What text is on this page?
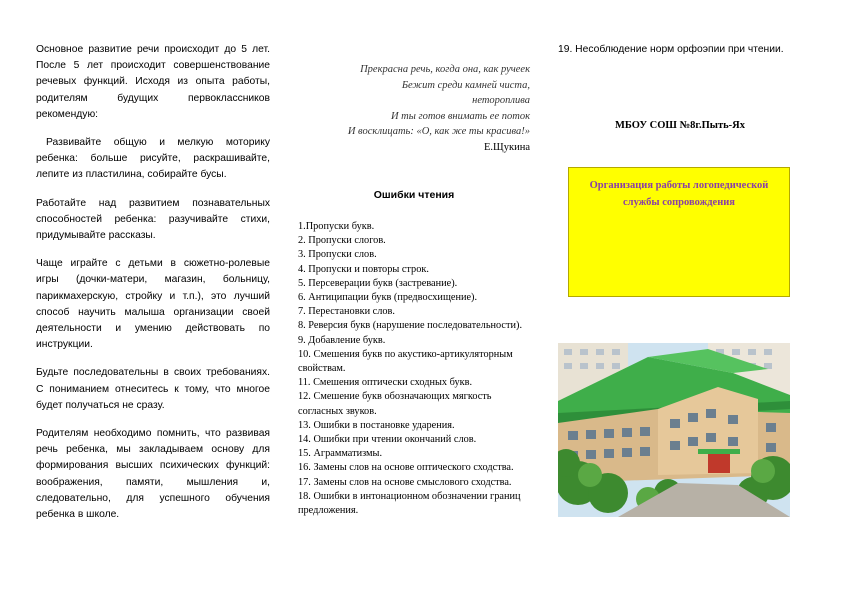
Основное развитие речи происходит до 5 лет. После 5 лет происходит совершенствование речевых функций. Исходя из опыта работы, родителям будущих первоклассников рекомендую:

Развивайте общую и мелкую моторику ребенка: больше рисуйте, раскрашивайте, лепите из пластилина, собирайте бусы.

Работайте над развитием познавательных способностей ребенка: разучивайте стихи, придумывайте рассказы.

Чаще играйте с детьми в сюжетно-ролевые игры (дочки-матери, магазин, больницу, парикмахерскую, стройку и т.п.), это лучший способ научить малыша организации своей деятельности и умению действовать по инструкции.

Будьте последовательны в своих требованиях. С пониманием отнеситесь к тому, что многое будет получаться не сразу.

Родителям необходимо помнить, что развивая речь ребенка, мы закладываем основу для формирования высших психических функций: воображения, памяти, мышления и, следовательно, для успешного обучения ребенка в школе.

Прекрасна речь, когда она, как ручеек
Бежит среди камней чиста,
нетороплива
И ты готов внимать ее поток
И восклицать: «О, как же ты красива!»
Е.Щукина
Ошибки чтения
1.Пропуски букв.
2. Пропуски слогов.
3. Пропуски слов.
4. Пропуски и повторы строк.
5. Персеверации букв (застревание).
6. Антиципации букв (предвосхищение).
7. Перестановки слов.
8. Реверсия букв (нарушение последовательности).
9. Добавление букв.
10. Смешения букв по акустико-артикуляторным свойствам.
11. Смешения оптически сходных букв.
12. Смешение букв обозначающих мягкость согласных звуков.
13. Ошибки в постановке ударения.
14. Ошибки при чтении окончаний слов.
15. Аграмматизмы.
16. Замены слов на основе оптического сходства.
17. Замены слов на основе смыслового сходства.
18. Ошибки в интонационном обозначении границ предложения.
19. Несоблюдение норм орфоэпии при чтении.
МБОУ СОШ №8г.Пыть-Ях
Организация работы логопедической службы сопровождения
